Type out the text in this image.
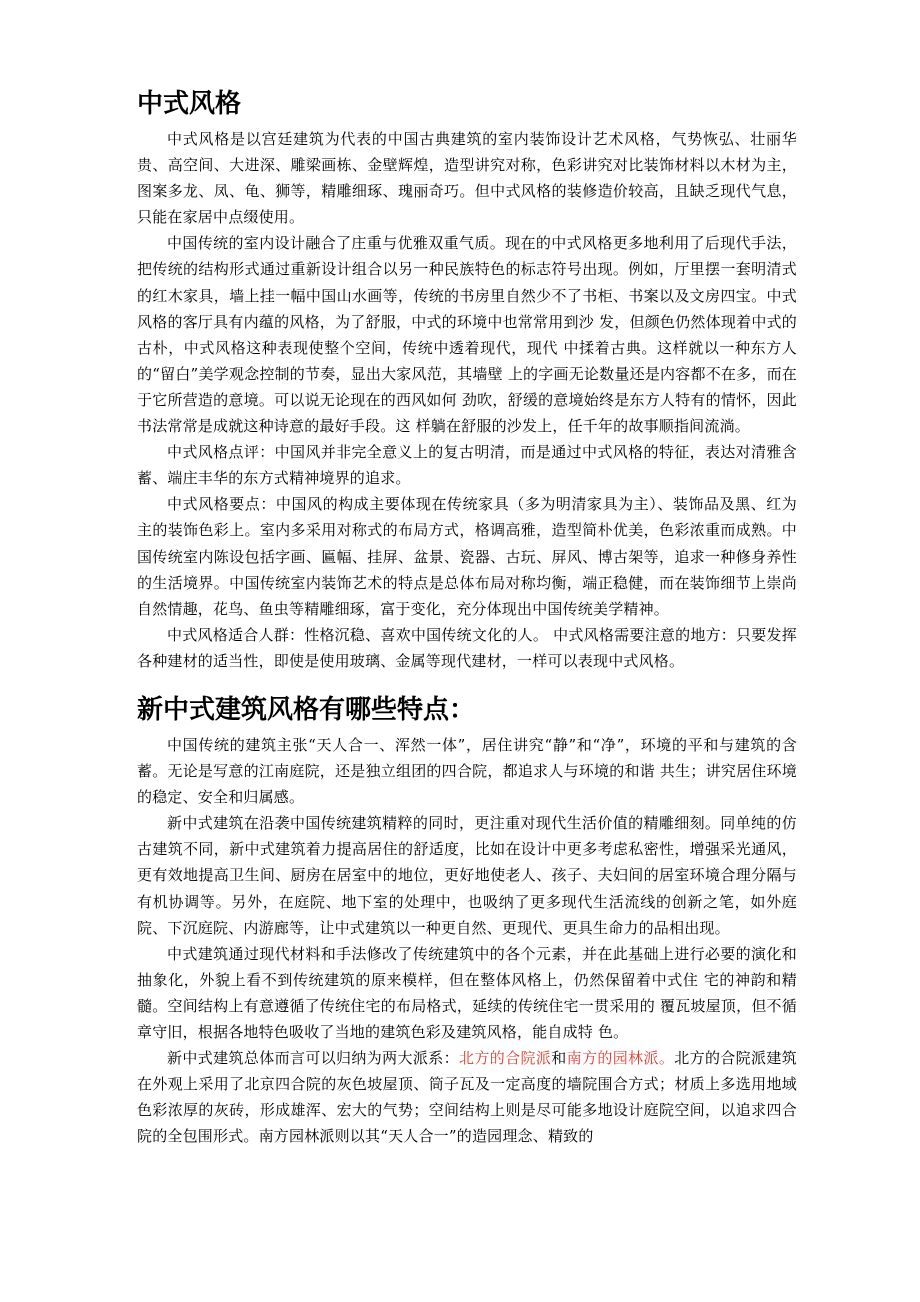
中式风格

中式风格是以宫廷建筑为代表的中国古典建筑的室内装饰设计艺术风格，气势恢弘、壮丽华贵、高空间、大进深、雕梁画栋、金壁辉煌，造型讲究对称，色彩讲究对比装饰材料以木材为主，图案多龙、凤、龟、狮等，精雕细琢、瑰丽奇巧。但中式风格的装修造价较高，且缺乏现代气息，只能在家居中点缀使用。

中国传统的室内设计融合了庄重与优雅双重气质。现在的中式风格更多地利用了后现代手法，把传统的结构形式通过重新设计组合以另一种民族特色的标志符号出现。例如，厅里摆一套明清式的红木家具，墙上挂一幅中国山水画等，传统的书房里自然少不了书柜、书案以及文房四宝。中式风格的客厅具有内蕴的风格，为了舒服，中式的环境中也常常用到沙 发，但颜色仍然体现着中式的古朴，中式风格这种表现使整个空间，传统中透着现代，现代 中揉着古典。这样就以一种东方人的“留白”美学观念控制的节奏，显出大家风范，其墙壁 上的字画无论数量还是内容都不在多，而在于它所营造的意境。可以说无论现在的西风如何 劲吹，舒缓的意境始终是东方人特有的情怀，因此书法常常是成就这种诗意的最好手段。这 样躺在舒服的沙发上，任千年的故事顺指间流淌。

中式风格点评：中国风并非完全意义上的复古明清，而是通过中式风格的特征，表达对清雅含蓄、端庄丰华的东方式精神境界的追求。

中式风格要点：中国风的构成主要体现在传统家具（多为明清家具为主）、装饰品及黑、红为主的装饰色彩上。室内多采用对称式的布局方式，格调高雅，造型简朴优美，色彩浓重而成熟。中国传统室内陈设包括字画、匾幅、挂屏、盆景、瓷器、古玩、屏风、博古架等，追求一种修身养性的生活境界。中国传统室内装饰艺术的特点是总体布局对称均衡，端正稳健，而在装饰细节上崇尚自然情趣，花鸟、鱼虫等精雕细琢，富于变化，充分体现出中国传统美学精神。

中式风格适合人群：性格沉稳、喜欢中国传统文化的人。 中式风格需要注意的地方：只要发挥各种建材的适当性，即使是使用玻璃、金属等现代建材，一样可以表现中式风格。

新中式建筑风格有哪些特点：

中国传统的建筑主张“天人合一、浑然一体”，居住讲究“静”和“净”，环境的平和与建筑的含蓄。无论是写意的江南庭院，还是独立组团的四合院，都追求人与环境的和谐 共生；讲究居住环境的稳定、安全和归属感。

新中式建筑在沿袭中国传统建筑精粹的同时，更注重对现代生活价值的精雕细刻。同单纯的仿古建筑不同，新中式建筑着力提高居住的舒适度，比如在设计中更多考虑私密性，增强采光通风，更有效地提高卫生间、厨房在居室中的地位，更好地使老人、孩子、夫妇间的居室环境合理分隔与有机协调等。另外，在庭院、地下室的处理中，也吸纳了更多现代生活流线的创新之笔，如外庭院、下沉庭院、内游廊等，让中式建筑以一种更自然、更现代、更具生命力的品相出现。

中式建筑通过现代材料和手法修改了传统建筑中的各个元素，并在此基础上进行必要的演化和抽象化，外貌上看不到传统建筑的原来模样，但在整体风格上，仍然保留着中式住 宅的神韵和精髓。空间结构上有意遵循了传统住宅的布局格式，延续的传统住宅一贯采用的 覆瓦坡屋顶，但不循章守旧，根据各地特色吸收了当地的建筑色彩及建筑风格，能自成特 色。

新中式建筑总体而言可以归纳为两大派系：北方的合院派和南方的园林派。北方的合院派建筑在外观上采用了北京四合院的灰色坡屋顶、筒子瓦及一定高度的墙院围合方式；材质上多选用地域色彩浓厚的灰砖，形成雄浑、宏大的气势；空间结构上则是尽可能多地设计庭院空间，以追求四合院的全包围形式。南方园林派则以其“天人合一”的造园理念、精致的
